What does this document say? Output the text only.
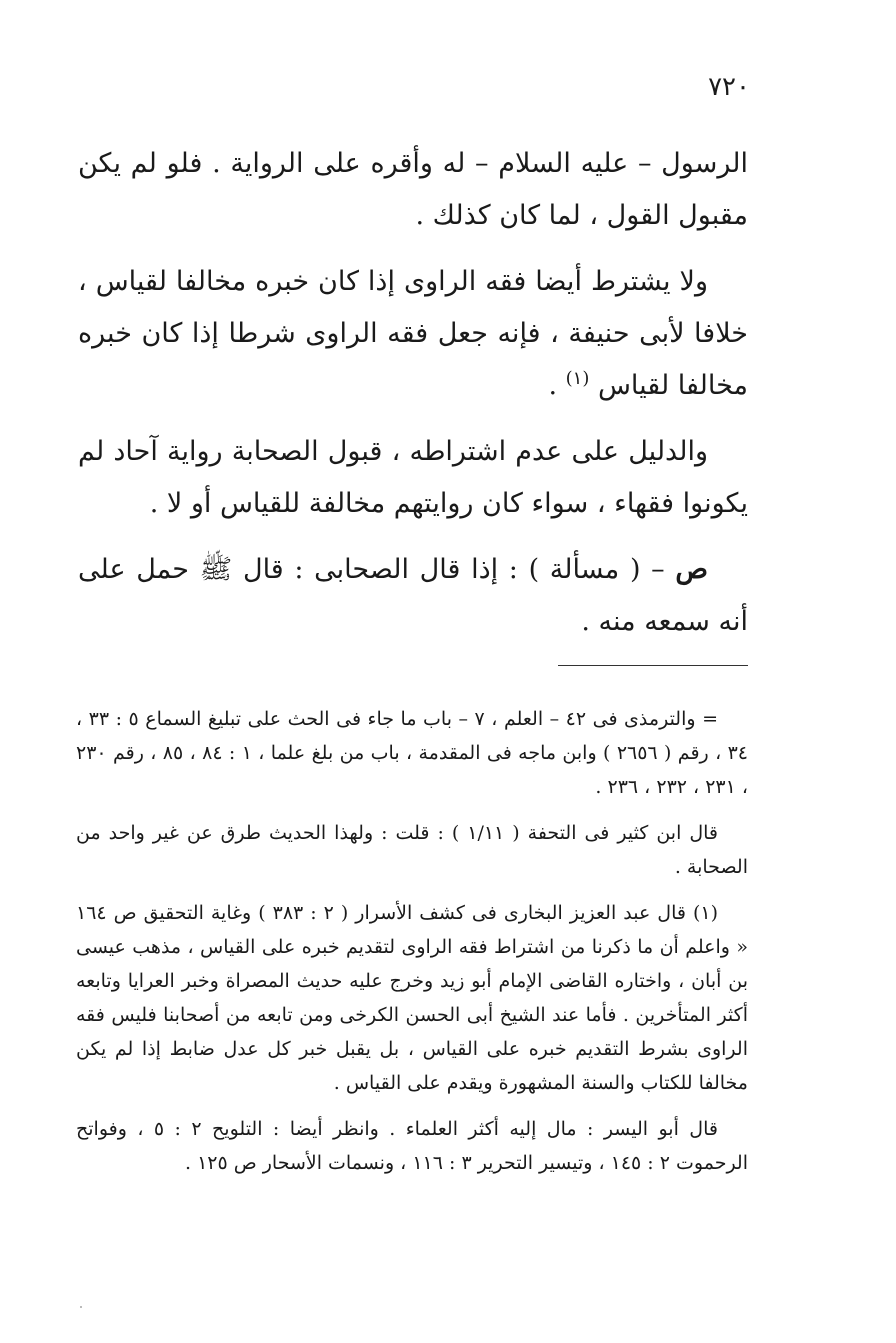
٧٢٠

الرسول – عليه السلام – له وأقره على الرواية . فلو لم يكن مقبول القول ، لما كان كذلك .

ولا يشترط أيضا فقه الراوى إذا كان خبره مخالفا لقياس ، خلافا لأبى حنيفة ، فإنه جعل فقه الراوى شرطا إذا كان خبره مخالفا لقياس $^{(١)}$ .

والدليل على عدم اشتراطه ، قبول الصحابة رواية آحاد لم يكونوا فقهاء ، سواء كان روايتهم مخالفة للقياس أو لا .

ص – ( مسألة ) : إذا قال الصحابى : قال ﷺ حمل على أنه سمعه منه .

= والترمذى فى ٤٢ – العلم ، ٧ – باب ما جاء فى الحث على تبليغ السماع ٥ : ٣٣ ، ٣٤ ، رقم ( ٢٦٥٦ ) وابن ماجه فى المقدمة ، باب من بلغ علما ، ١ : ٨٤ ، ٨٥ ، رقم ٢٣٠ ، ٢٣١ ، ٢٣٢ ، ٢٣٦ .

قال ابن كثير فى التحفة ( ١/١١ ) : قلت : ولهذا الحديث طرق عن غير واحد من الصحابة .

(١) قال عبد العزيز البخارى فى كشف الأسرار ( ٢ : ٣٨٣ ) وغاية التحقيق ص ١٦٤ « واعلم أن ما ذكرنا من اشتراط فقه الراوى لتقديم خبره على القياس ، مذهب عيسى بن أبان ، واختاره القاضى الإمام أبو زيد وخرج عليه حديث المصراة وخبر العرايا وتابعه أكثر المتأخرين . فأما عند الشيخ أبى الحسن الكرخى ومن تابعه من أصحابنا فليس فقه الراوى بشرط التقديم خبره على القياس ، بل يقبل خبر كل عدل ضابط إذا لم يكن مخالفا للكتاب والسنة المشهورة ويقدم على القياس .

قال أبو اليسر : مال إليه أكثر العلماء . وانظر أيضا : التلويح ٢ : ٥ ، وفواتح الرحموت ٢ : ١٤٥ ، وتيسير التحرير ٣ : ١١٦ ، ونسمات الأسحار ص ١٢٥ .
